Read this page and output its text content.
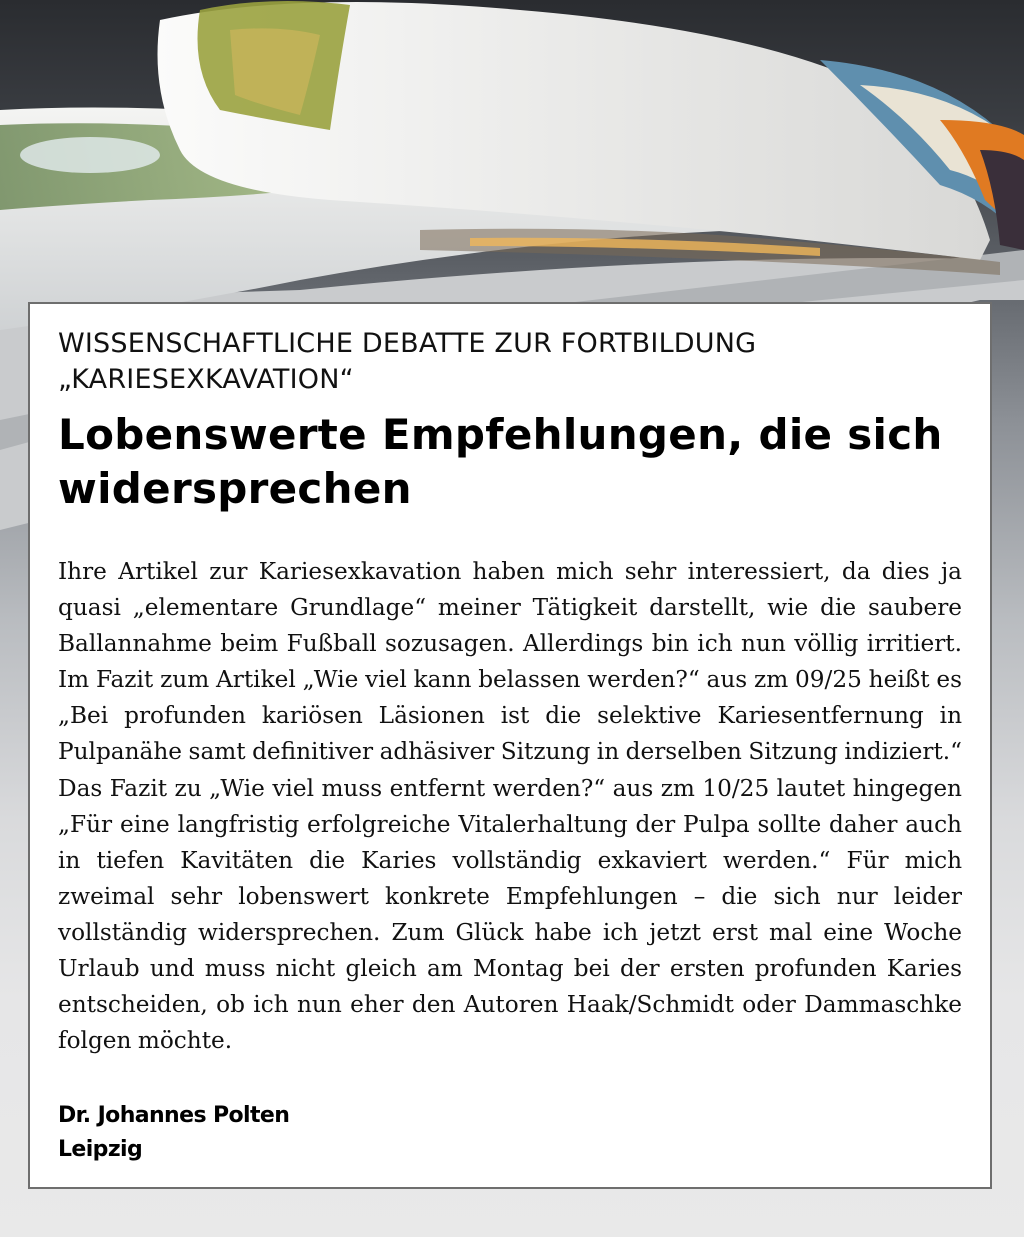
WISSENSCHAFTLICHE DEBATTE ZUR FORTBILDUNG
„KARIESEXKAVATION“
Lobenswerte Empfehlungen, die sich widersprechen

Ihre Artikel zur Kariesexkavation haben mich sehr interessiert, da dies ja quasi „elementare Grundlage“ meiner Tätigkeit darstellt, wie die saubere Ballannahme beim Fußball sozusagen. Allerdings bin ich nun völlig irritiert. Im Fazit zum Artikel „Wie viel kann belassen werden?“ aus zm 09/25 heißt es „Bei profunden kariösen Läsionen ist die selektive Kariesentfernung in Pulpanähe samt definitiver adhäsiver Sitzung in derselben Sitzung indiziert.“ Das Fazit zu „Wie viel muss entfernt werden?“ aus zm 10/25 lautet hingegen „Für eine langfristig erfolgreiche Vitalerhaltung der Pulpa sollte daher auch in tiefen Kavitäten die Karies vollständig exkaviert werden.“ Für mich zweimal sehr lobenswert konkrete Empfehlungen – die sich nur leider vollständig widersprechen. Zum Glück habe ich jetzt erst mal eine Woche Urlaub und muss nicht gleich am Montag bei der ersten profunden Karies entscheiden, ob ich nun eher den Autoren Haak/Schmidt oder Dammaschke folgen möchte.

Dr. Johannes Polten
Leipzig
